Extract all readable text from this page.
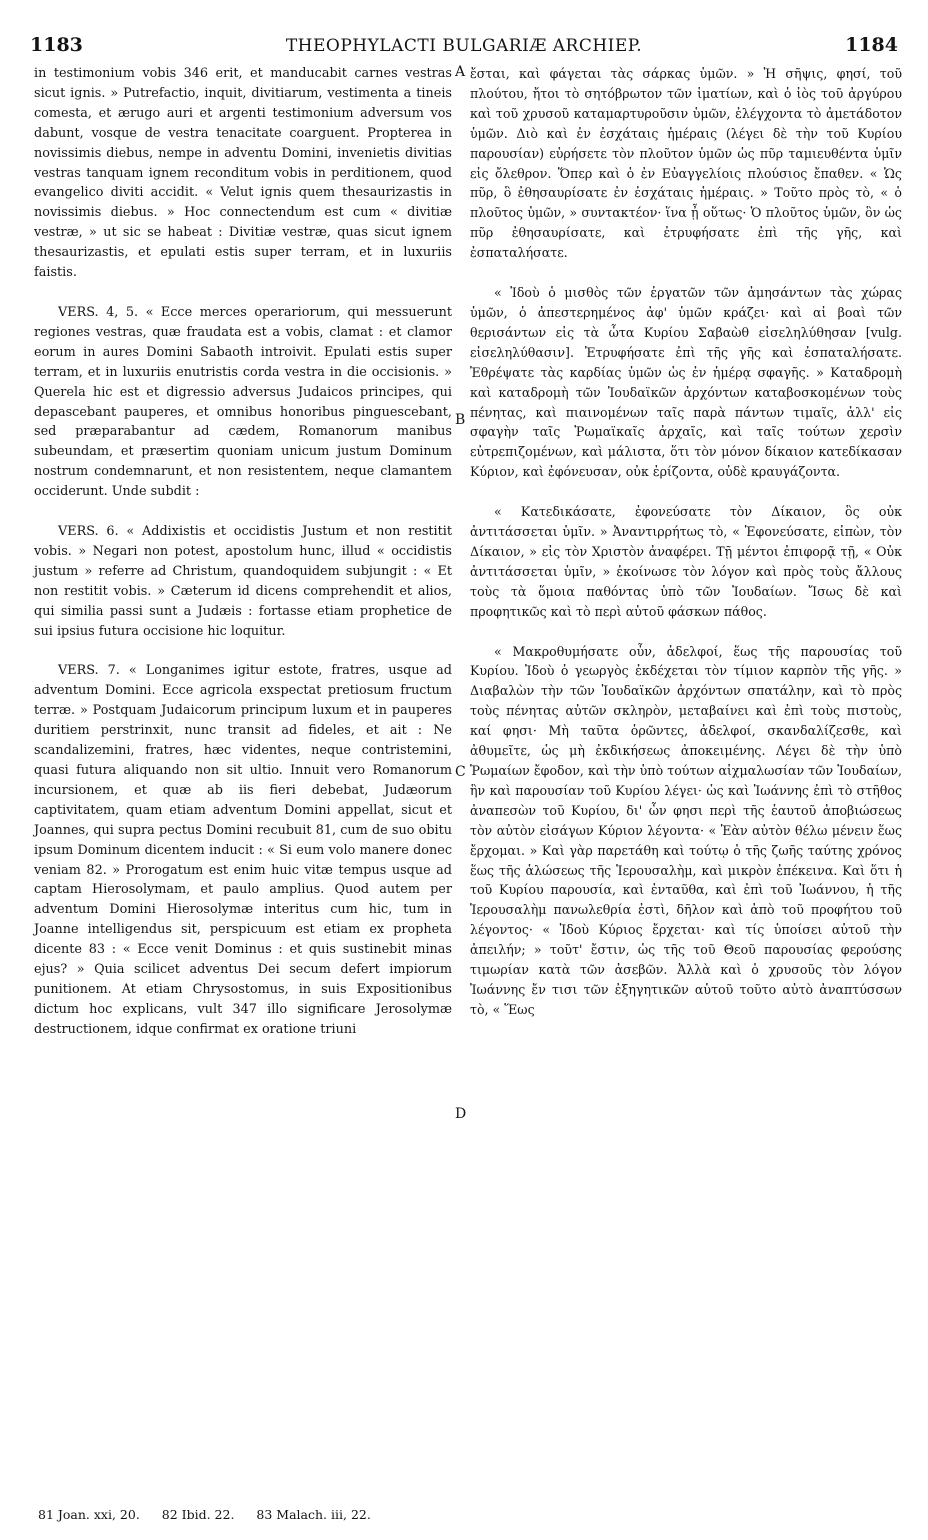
1183	THEOPHYLACTI BULGARIÆ ARCHIEP.	1184

in testimonium vobis 346 erit, et manducabit carnes vestras sicut ignis. » Putrefactio, inquit, divitiarum, vestimenta a tineis comesta, et ærugo auri et argenti testimonium adversum vos dabunt, vosque de vestra tenacitate coarguent. Propterea in novissimis diebus, nempe in adventu Domini, invenietis divitias vestras tanquam ignem reconditum vobis in perditionem, quod evangelico diviti accidit. « Velut ignis quem thesaurizastis in novissimis diebus. » Hoc connectendum est cum « divitiæ vestræ, » ut sic se habeat : Divitiæ vestræ, quas sicut ignem thesaurizastis, et epulati estis super terram, et in luxuriis faistis.

VERS. 4, 5. « Ecce merces operariorum, qui messuerunt regiones vestras, quæ fraudata est a vobis, clamat : et clamor eorum in aures Domini Sabaoth introivit. Epulati estis super terram, et in luxuriis enutristis corda vestra in die occisionis. » Querela hic est et digressio adversus Judaicos principes, qui depascebant pauperes, et omnibus honoribus pinguescebant, sed præparabantur ad cædem, Romanorum manibus subeundam, et præsertim quoniam unicum justum Dominum nostrum condemnarunt, et non resistentem, neque clamantem occiderunt. Unde subdit :

VERS. 6. « Addixistis et occidistis Justum et non restitit vobis. » Negari non potest, apostolum hunc, illud « occidistis justum » referre ad Christum, quandoquidem subjungit : « Et non restitit vobis. » Cæterum id dicens comprehendit et alios, qui similia passi sunt a Judæis : fortasse etiam prophetice de sui ipsius futura occisione hic loquitur.

VERS. 7. « Longanimes igitur estote, fratres, usque ad adventum Domini. Ecce agricola exspectat pretiosum fructum terræ. » Postquam Judaicorum principum luxum et in pauperes duritiem perstrinxit, nunc transit ad fideles, et ait : Ne scandalizemini, fratres, hæc videntes, neque contristemini, quasi futura aliquando non sit ultio. Innuit vero Romanorum incursionem, et quæ ab iis fieri debebat, Judæorum captivitatem, quam etiam adventum Domini appellat, sicut et Joannes, qui supra pectus Domini recubuit 81, cum de suo obitu ipsum Dominum dicentem inducit : « Si eum volo manere donec veniam 82. » Prorogatum est enim huic vitæ tempus usque ad captam Hierosolymam, et paulo amplius. Quod autem per adventum Domini Hierosolymæ interitus cum hic, tum in Joanne intelligendus sit, perspicuum est etiam ex propheta dicente 83 : « Ecce venit Dominus : et quis sustinebit minas ejus? » Quia scilicet adventus Dei secum defert impiorum punitionem. At etiam Chrysostomus, in suis Expositionibus dictum hoc explicans, vult 347 illo significare Jerosolymæ destructionem, idque confirmat ex oratione triuni

A
B
C
D

ἔσται, καὶ φάγεται τὰς σάρκας ὑμῶν. » Ἡ σῆψις, φησί, τοῦ πλούτου, ἤτοι τὸ σητόβρωτον τῶν ἱματίων, καὶ ὁ ἰὸς τοῦ ἀργύρου καὶ τοῦ χρυσοῦ καταμαρτυροῦσιν ὑμῶν, ἐλέγχοντα τὸ ἀμετάδοτον ὑμῶν. Διὸ καὶ ἐν ἐσχάταις ἡμέραις (λέγει δὲ τὴν τοῦ Κυρίου παρουσίαν) εὑρήσετε τὸν πλοῦτον ὑμῶν ὡς πῦρ ταμιευθέντα ὑμῖν εἰς ὄλεθρον. Ὅπερ καὶ ὁ ἐν Εὐαγγελίοις πλούσιος ἔπαθεν. « Ὡς πῦρ, ὃ ἐθησαυρίσατε ἐν ἐσχάταις ἡμέραις. » Τοῦτο πρὸς τὸ, « ὁ πλοῦτος ὑμῶν, » συντακτέον· ἵνα ᾖ οὕτως· Ὁ πλοῦτος ὑμῶν, ὃν ὡς πῦρ ἐθησαυρίσατε, καὶ ἐτρυφήσατε ἐπὶ τῆς γῆς, καὶ ἐσπαταλήσατε.

« Ἰδοὺ ὁ μισθὸς τῶν ἐργατῶν τῶν ἀμησάντων τὰς χώρας ὑμῶν, ὁ ἀπεστερημένος ἀφ' ὑμῶν κράζει· καὶ αἱ βοαὶ τῶν θερισάντων εἰς τὰ ὦτα Κυρίου Σαβαὼθ εἰσεληλύθησαν [vulg. εἰσεληλύθασιν]. Ἐτρυφήσατε ἐπὶ τῆς γῆς καὶ ἐσπαταλήσατε. Ἐθρέψατε τὰς καρδίας ὑμῶν ὡς ἐν ἡμέρᾳ σφαγῆς. » Καταδρομὴ καὶ καταδρομὴ τῶν Ἰουδαϊκῶν ἀρχόντων καταβοσκομένων τοὺς πένητας, καὶ πιαινομένων ταῖς παρὰ πάντων τιμαῖς, ἀλλ' εἰς σφαγὴν ταῖς Ῥωμαϊκαῖς ἀρχαῖς, καὶ ταῖς τούτων χερσὶν εὐτρεπιζομένων, καὶ μάλιστα, ὅτι τὸν μόνον δίκαιον κατεδίκασαν Κύριον, καὶ ἐφόνευσαν, οὐκ ἐρίζοντα, οὐδὲ κραυγάζοντα.

« Κατεδικάσατε, ἐφονεύσατε τὸν Δίκαιον, ὃς οὐκ ἀντιτάσσεται ὑμῖν. » Ἀναντιρρήτως τὸ, « Ἐφονεύσατε, εἰπὼν, τὸν Δίκαιον, » εἰς τὸν Χριστὸν ἀναφέρει. Τῇ μέντοι ἐπιφορᾷ τῇ, « Οὐκ ἀντιτάσσεται ὑμῖν, » ἐκοίνωσε τὸν λόγον καὶ πρὸς τοὺς ἄλλους τοὺς τὰ ὅμοια παθόντας ὑπὸ τῶν Ἰουδαίων. Ἴσως δὲ καὶ προφητικῶς καὶ τὸ περὶ αὑτοῦ φάσκων πάθος.

« Μακροθυμήσατε οὖν, ἀδελφοί, ἕως τῆς παρουσίας τοῦ Κυρίου. Ἰδοὺ ὁ γεωργὸς ἐκδέχεται τὸν τίμιον καρπὸν τῆς γῆς. » Διαβαλὼν τὴν τῶν Ἰουδαϊκῶν ἀρχόντων σπατάλην, καὶ τὸ πρὸς τοὺς πένητας αὐτῶν σκληρὸν, μεταβαίνει καὶ ἐπὶ τοὺς πιστοὺς, καί φησι· Μὴ ταῦτα ὁρῶντες, ἀδελφοί, σκανδαλίζεσθε, καὶ ἀθυμεῖτε, ὡς μὴ ἐκδικήσεως ἀποκειμένης. Λέγει δὲ τὴν ὑπὸ Ῥωμαίων ἔφοδον, καὶ τὴν ὑπὸ τούτων αἰχμαλωσίαν τῶν Ἰουδαίων, ἣν καὶ παρουσίαν τοῦ Κυρίου λέγει· ὡς καὶ Ἰωάννης ἐπὶ τὸ στῆθος ἀναπεσὼν τοῦ Κυρίου, δι' ὧν φησι περὶ τῆς ἑαυτοῦ ἀποβιώσεως τὸν αὐτὸν εἰσάγων Κύριον λέγοντα· « Ἐὰν αὐτὸν θέλω μένειν ἕως ἔρχομαι. » Καὶ γὰρ παρετάθη καὶ τούτῳ ὁ τῆς ζωῆς ταύτης χρόνος ἕως τῆς ἁλώσεως τῆς Ἱερουσαλὴμ, καὶ μικρὸν ἐπέκεινα. Καὶ ὅτι ἡ τοῦ Κυρίου παρουσία, καὶ ἐνταῦθα, καὶ ἐπὶ τοῦ Ἰωάννου, ἡ τῆς Ἱερουσαλὴμ πανωλεθρία ἐστὶ, δῆλον καὶ ἀπὸ τοῦ προφήτου τοῦ λέγοντος· « Ἰδοὺ Κύριος ἔρχεται· καὶ τίς ὑποίσει αὐτοῦ τὴν ἀπειλήν; » τοῦτ' ἔστιν, ὡς τῆς τοῦ Θεοῦ παρουσίας φερούσης τιμωρίαν κατὰ τῶν ἀσεβῶν. Ἀλλὰ καὶ ὁ χρυσοῦς τὸν λόγον Ἰωάννης ἔν τισι τῶν ἐξηγητικῶν αὑτοῦ τοῦτο αὐτὸ ἀναπτύσσων τὸ, « Ἕως

81 Joan. xxi, 20. 82 Ibid. 22. 83 Malach. iii, 22.
